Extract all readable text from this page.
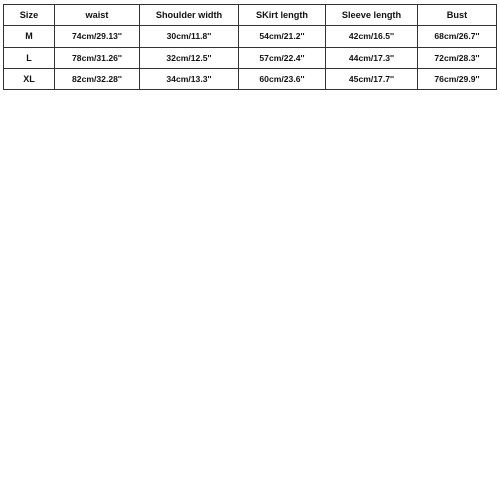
Size	waist	Shoulder width	SKirt length	Sleeve length	Bust
M	74cm/29.13''	30cm/11.8''	54cm/21.2''	42cm/16.5''	68cm/26.7''
L	78cm/31.26''	32cm/12.5''	57cm/22.4''	44cm/17.3''	72cm/28.3''
XL	82cm/32.28''	34cm/13.3''	60cm/23.6''	45cm/17.7''	76cm/29.9''
